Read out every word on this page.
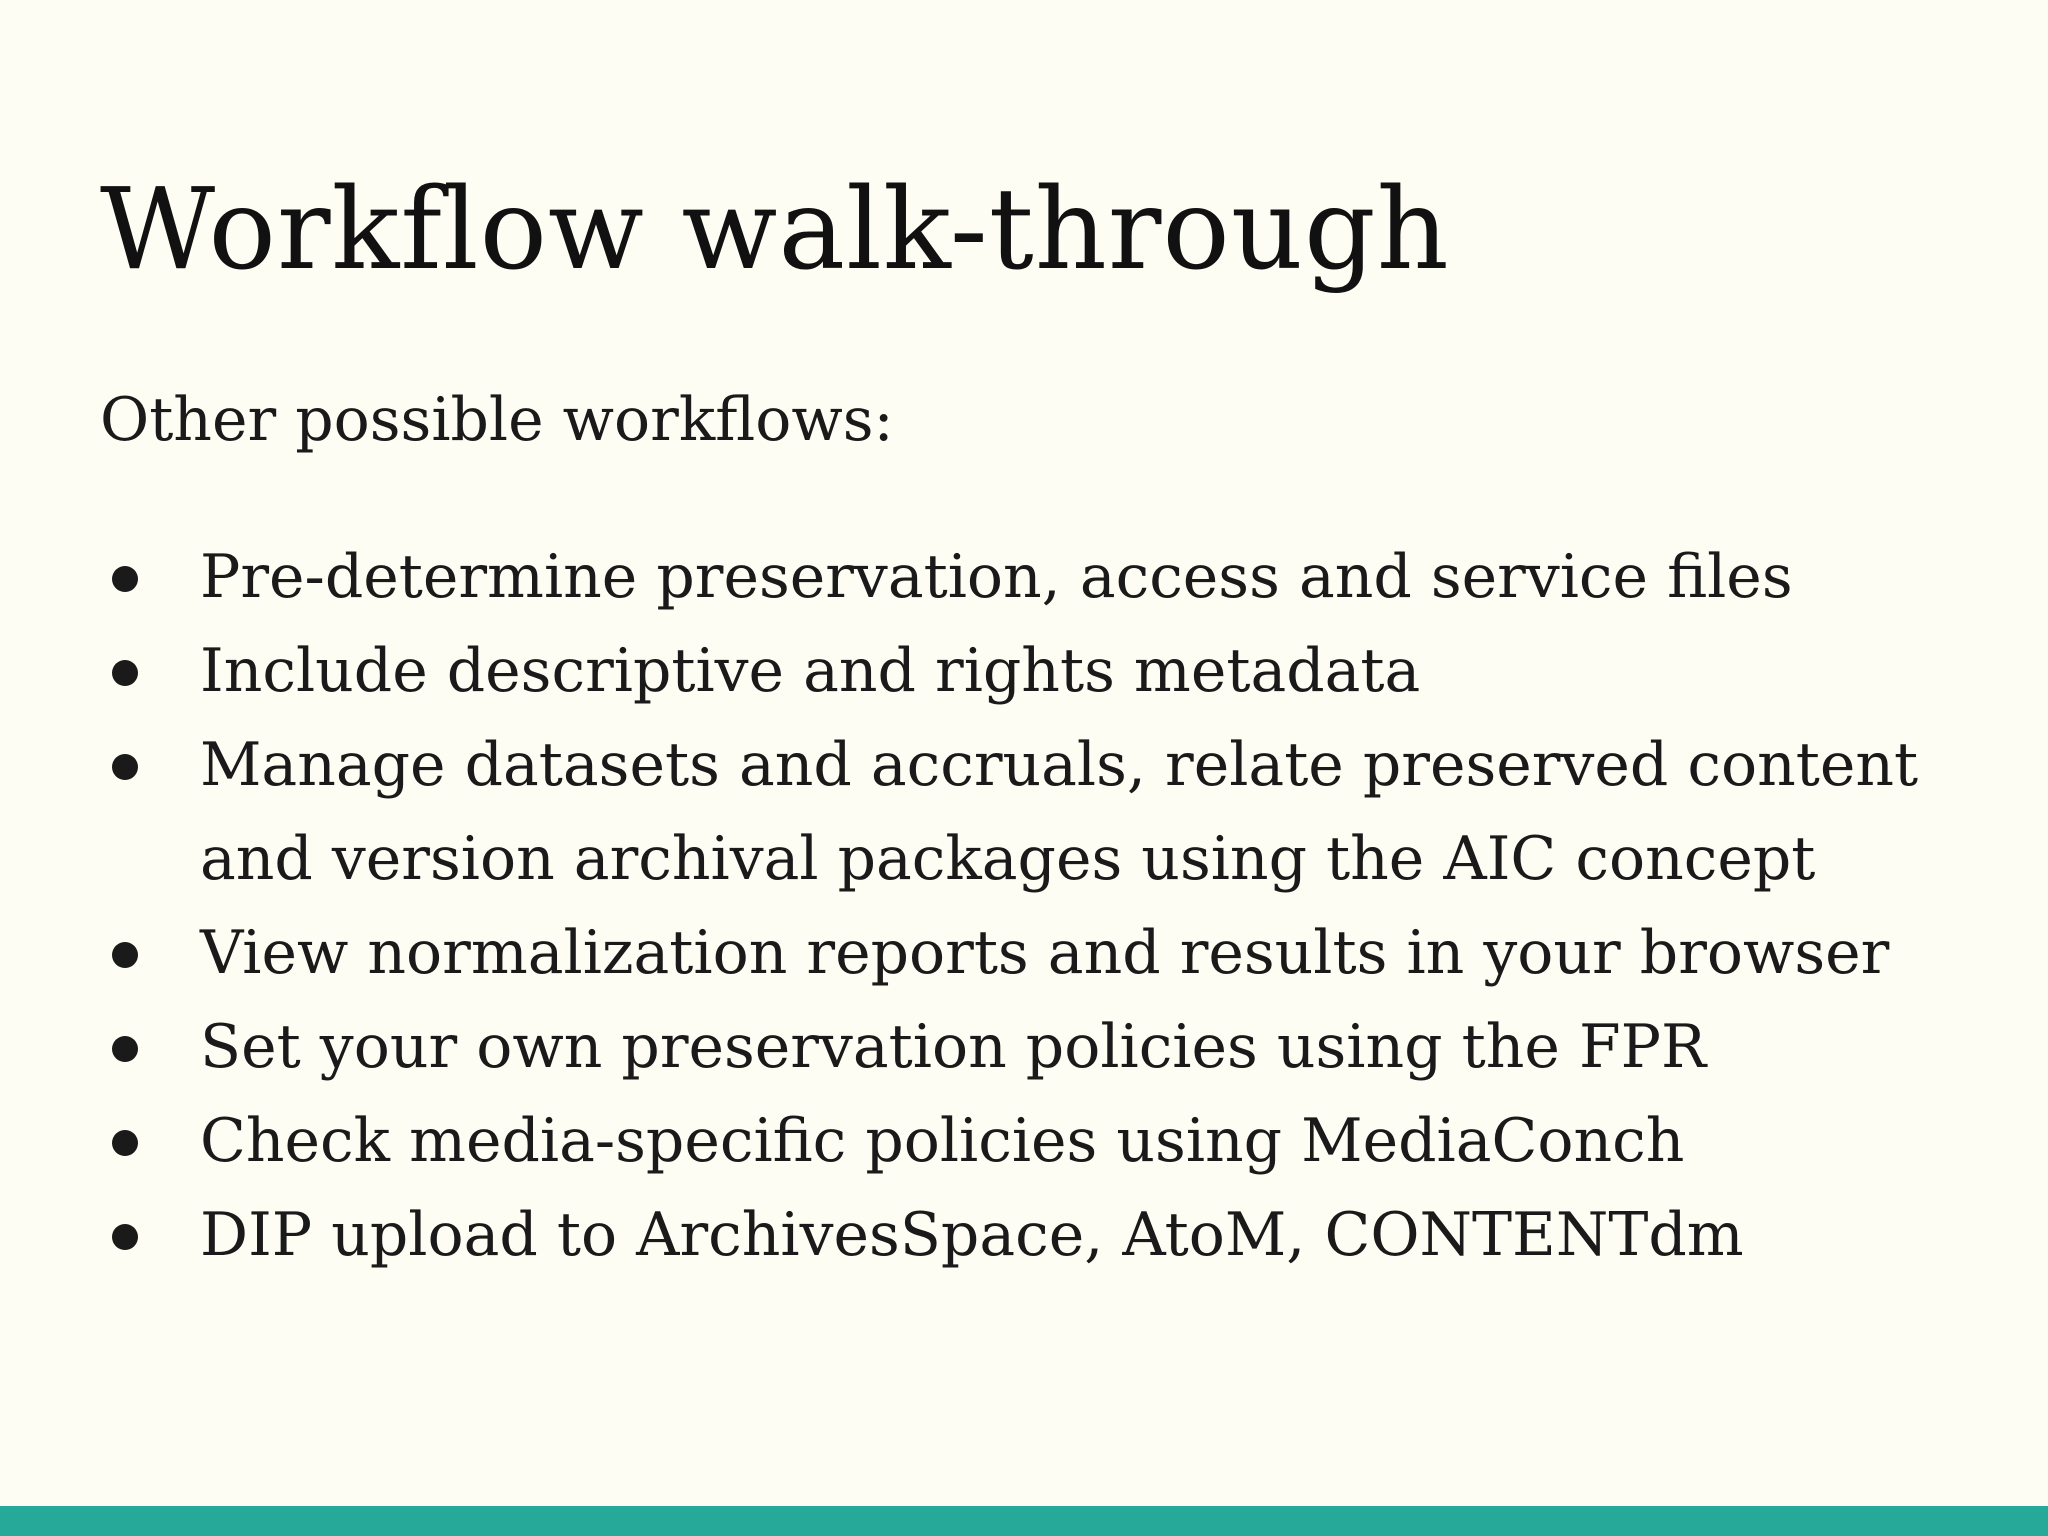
Workflow walk-through

Other possible workflows:

Pre-determine preservation, access and service files
Include descriptive and rights metadata
Manage datasets and accruals, relate preserved content and version archival packages using the AIC concept
View normalization reports and results in your browser
Set your own preservation policies using the FPR
Check media-specific policies using MediaConch
DIP upload to ArchivesSpace, AtoM, CONTENTdm
